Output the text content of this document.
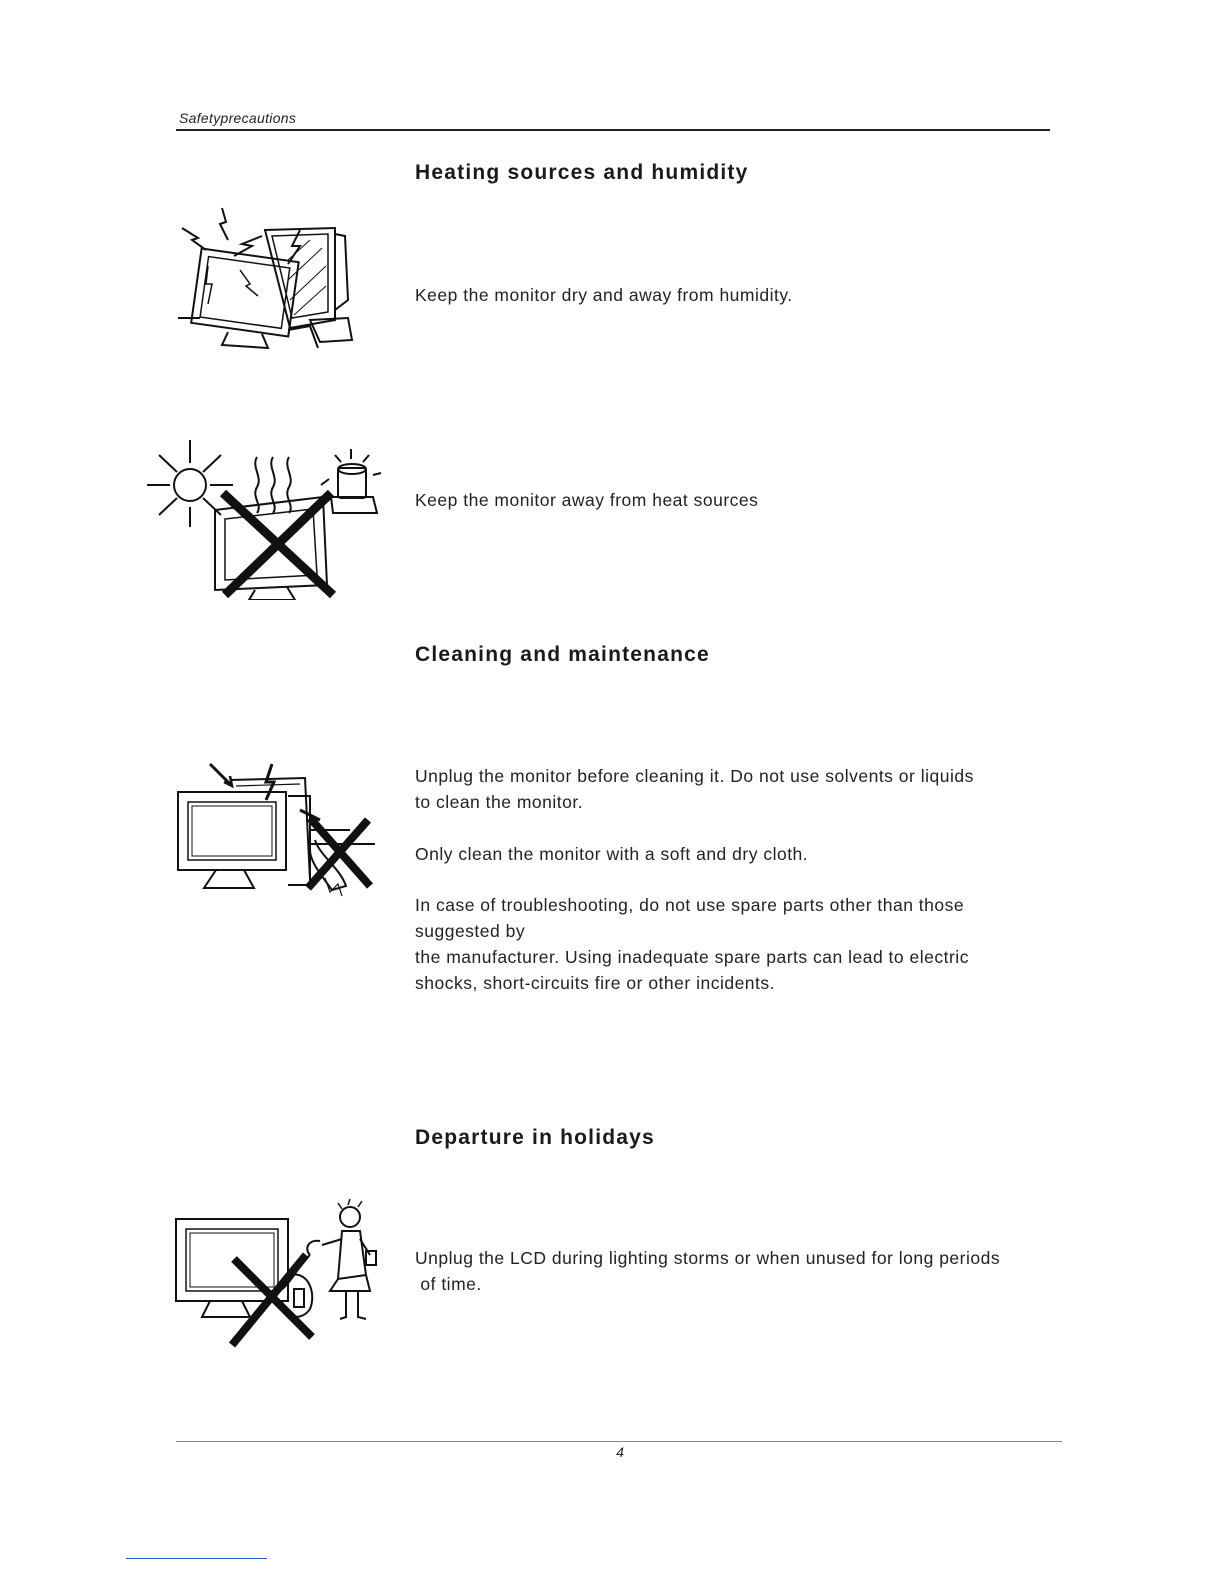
Safetyprecautions
Heating sources and humidity
Keep the monitor dry and away from humidity.
Keep the monitor away from heat sources
Cleaning and maintenance
Unplug the monitor before cleaning it. Do not use solvents or liquids
to clean the monitor.
Only clean the monitor with a soft and dry cloth.
In case of troubleshooting, do not use spare parts other than those
suggested by
the manufacturer. Using inadequate spare parts can lead to electric
shocks, short-circuits fire or other incidents.
Departure in holidays
Unplug the LCD during lighting storms or when unused for long periods
of time.
4
